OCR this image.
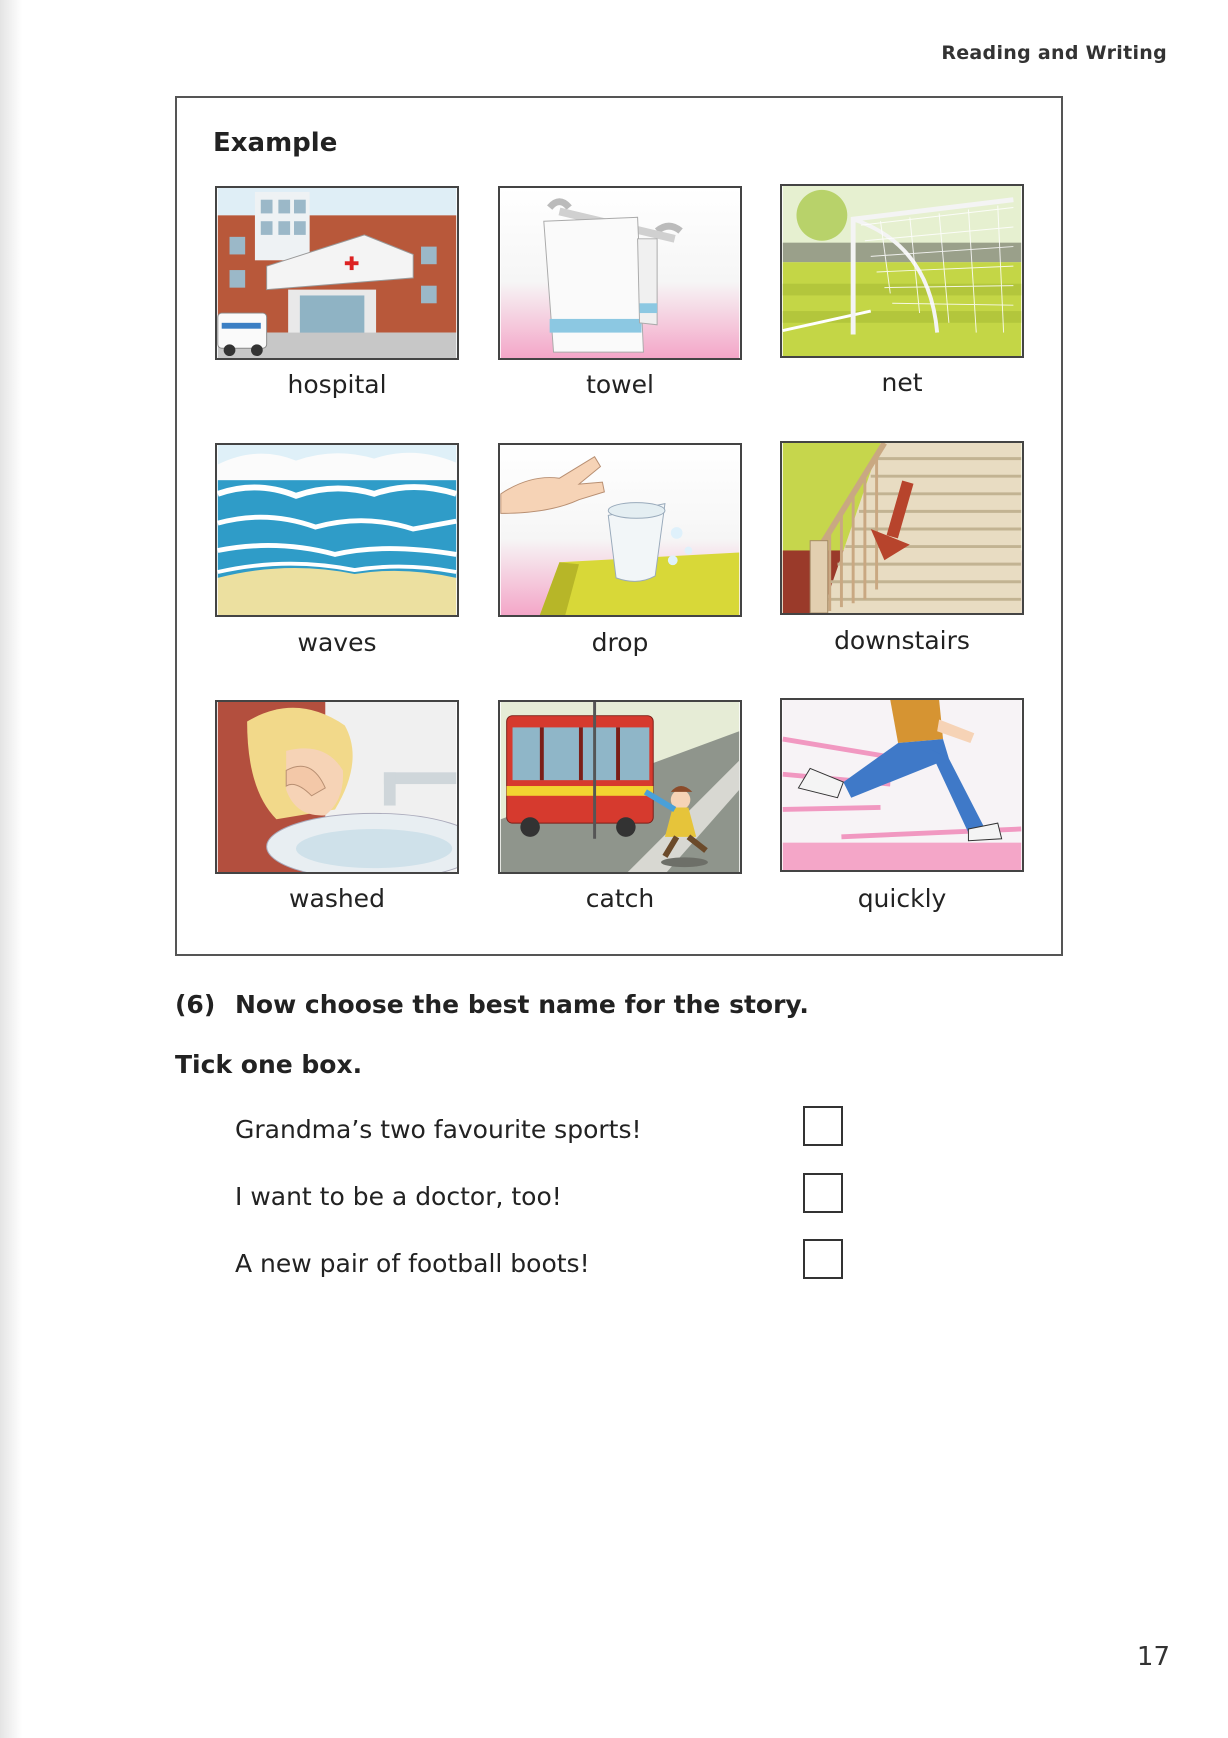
Reading and Writing
Example
hospital	towel	net
waves	drop	downstairs
washed	catch	quickly
(6) Now choose the best name for the story.
Tick one box.
Grandma’s two favourite sports!
I want to be a doctor, too!
A new pair of football boots!
17
